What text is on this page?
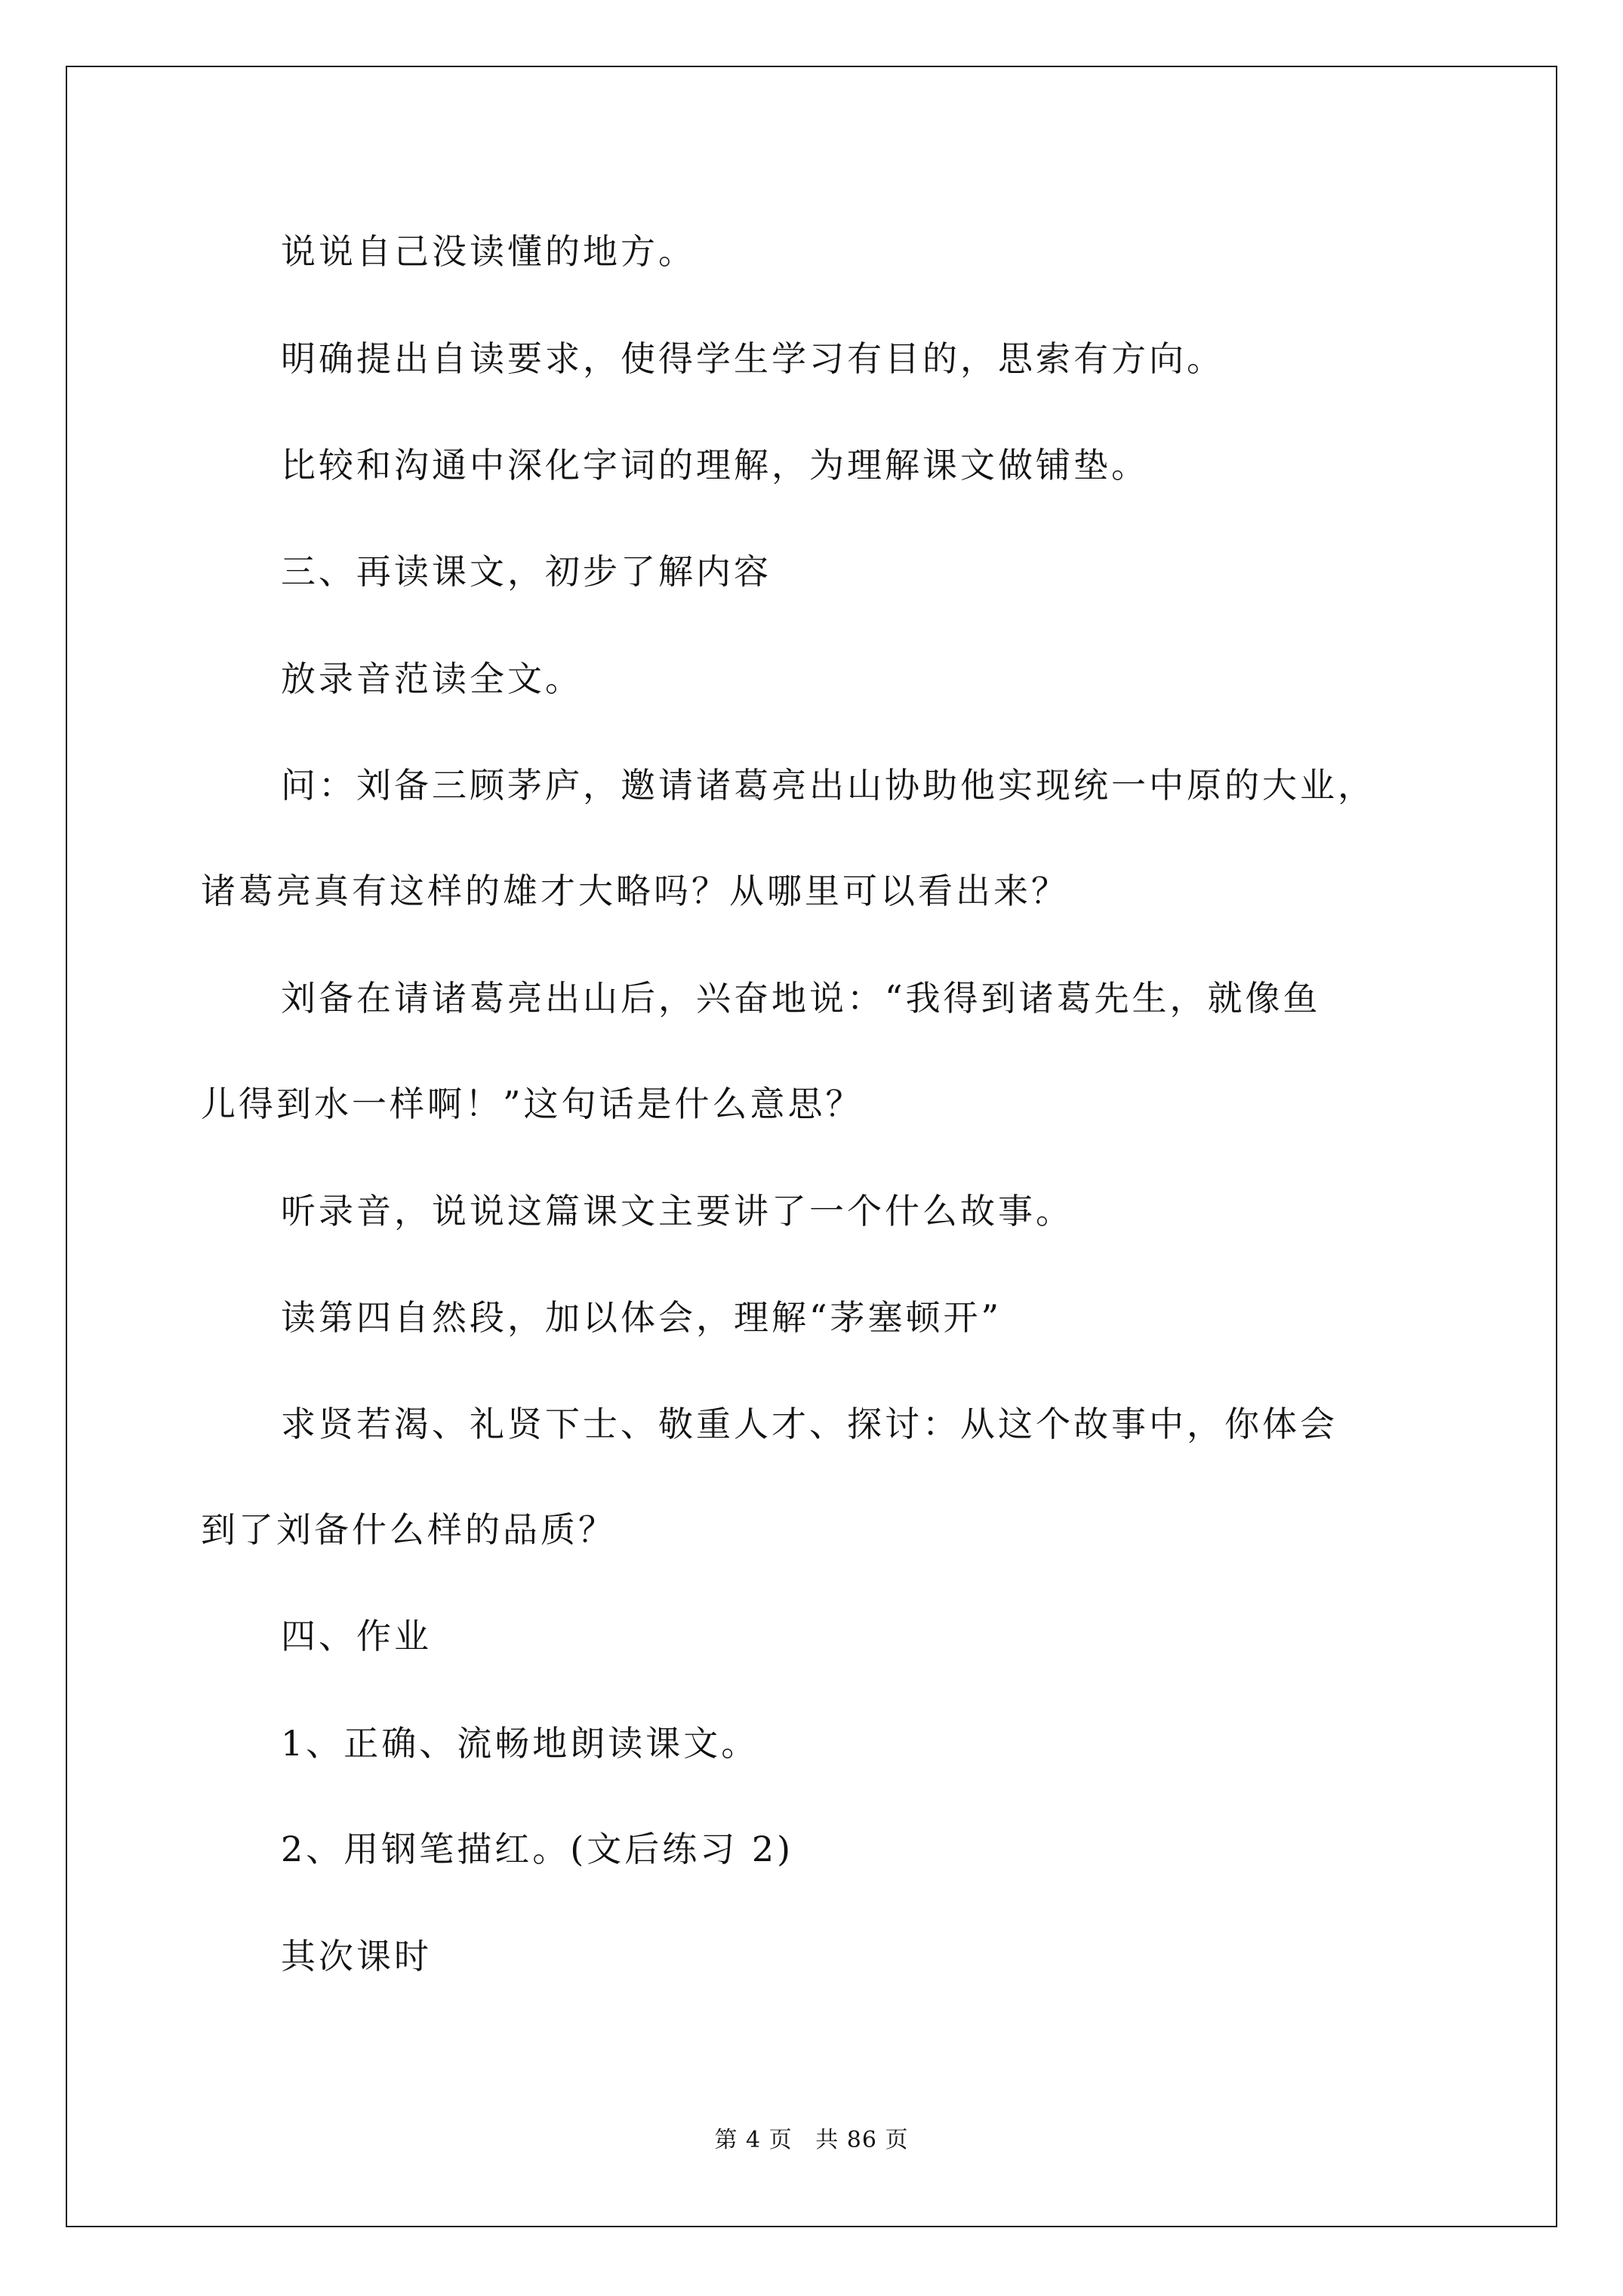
说说自己没读懂的地方。
明确提出自读要求，使得学生学习有目的，思索有方向。
比较和沟通中深化字词的理解，为理解课文做铺垫。
三、再读课文，初步了解内容
放录音范读全文。
问：刘备三顾茅庐，邀请诸葛亮出山协助他实现统一中原的大业，
诸葛亮真有这样的雄才大略吗？从哪里可以看出来？
刘备在请诸葛亮出山后，兴奋地说：“我得到诸葛先生，就像鱼
儿得到水一样啊！”这句话是什么意思？
听录音，说说这篇课文主要讲了一个什么故事。
读第四自然段，加以体会，理解“茅塞顿开”
求贤若渴、礼贤下士、敬重人才、探讨：从这个故事中，你体会
到了刘备什么样的品质？
四、作业
1、正确、流畅地朗读课文。
2、用钢笔描红。(文后练习 2)
其次课时
第 4 页 共 86 页
